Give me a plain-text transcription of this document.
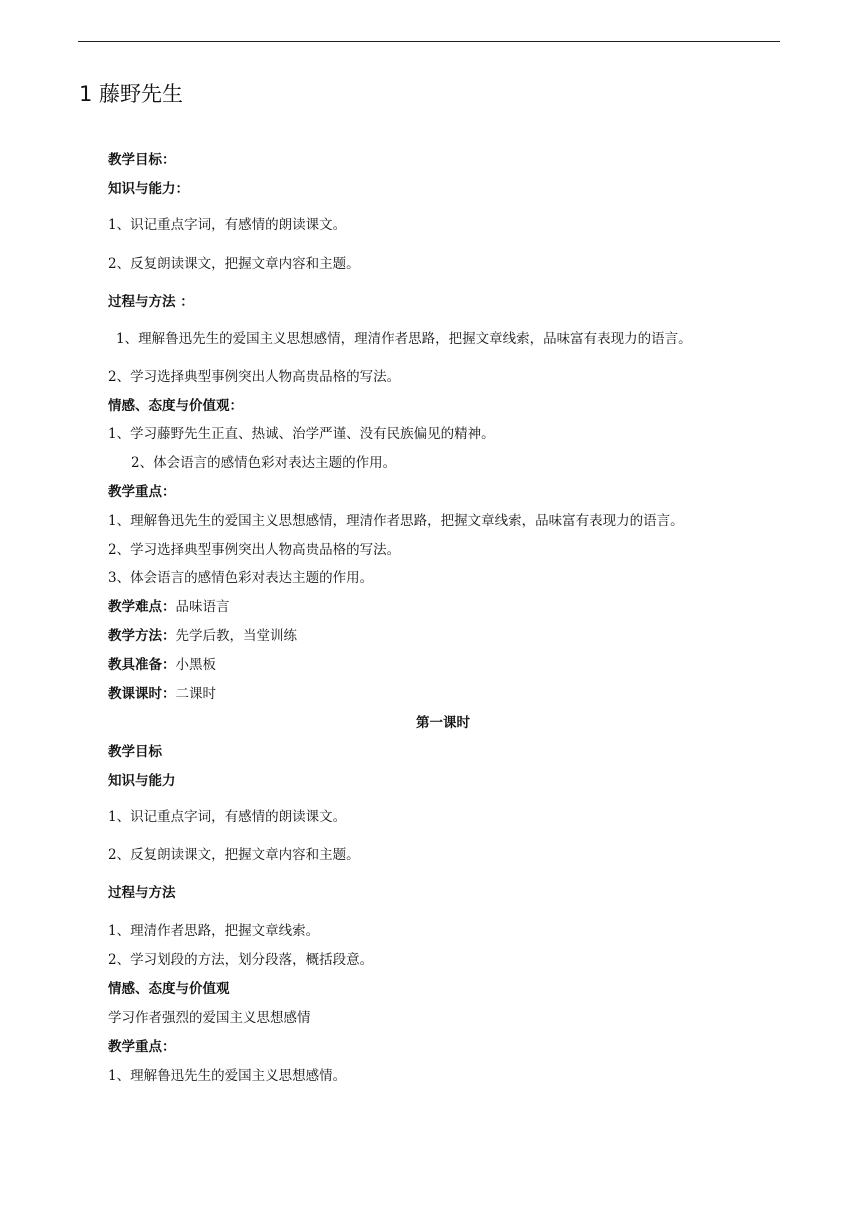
1 藤野先生
教学目标：
知识与能力：
1、识记重点字词，有感情的朗读课文。
2、反复朗读课文，把握文章内容和主题。
过程与方法 ：
1、理解鲁迅先生的爱国主义思想感情，理清作者思路，把握文章线索，品味富有表现力的语言。
2、学习选择典型事例突出人物高贵品格的写法。
情感、态度与价值观：
1、学习藤野先生正直、热诚、治学严谨、没有民族偏见的精神。
2、体会语言的感情色彩对表达主题的作用。
教学重点：
1、理解鲁迅先生的爱国主义思想感情，理清作者思路，把握文章线索，品味富有表现力的语言。
2、学习选择典型事例突出人物高贵品格的写法。
3、体会语言的感情色彩对表达主题的作用。
教学难点：品味语言
教学方法：先学后教，当堂训练
教具准备：小黑板
教课课时：二课时
第一课时
教学目标
知识与能力
1、识记重点字词，有感情的朗读课文。
2、反复朗读课文，把握文章内容和主题。
过程与方法
1、理清作者思路，把握文章线索。
2、学习划段的方法，划分段落，概括段意。
情感、态度与价值观
学习作者强烈的爱国主义思想感情
教学重点：
1、理解鲁迅先生的爱国主义思想感情。
